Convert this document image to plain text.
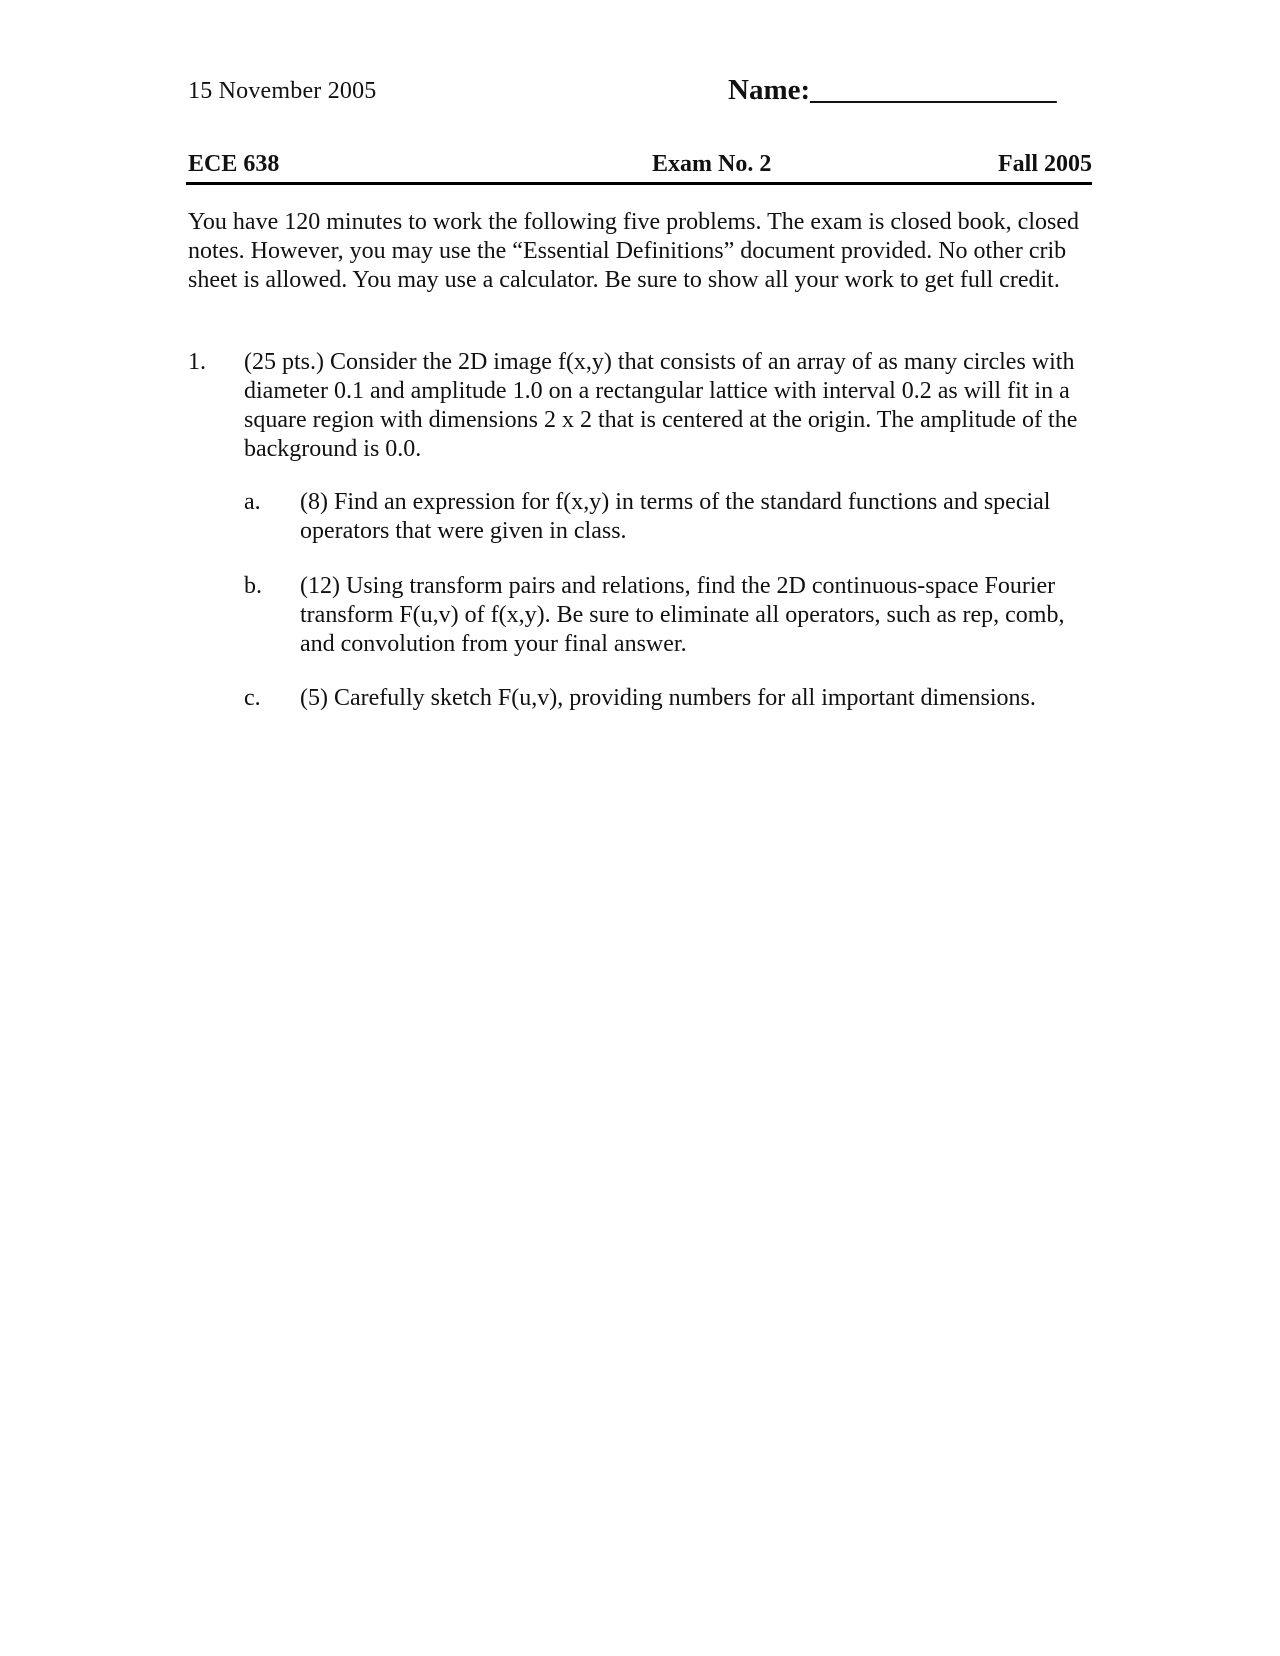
15 November 2005	Name:_________________
ECE 638	Exam No. 2	Fall 2005
You have 120 minutes to work the following five problems. The exam is closed book, closed notes. However, you may use the “Essential Definitions” document provided. No other crib sheet is allowed. You may use a calculator. Be sure to show all your work to get full credit.
1. (25 pts.) Consider the 2D image f(x,y) that consists of an array of as many circles with diameter 0.1 and amplitude 1.0 on a rectangular lattice with interval 0.2 as will fit in a square region with dimensions 2 x 2 that is centered at the origin. The amplitude of the background is 0.0.
a. (8) Find an expression for f(x,y) in terms of the standard functions and special operators that were given in class.
b. (12) Using transform pairs and relations, find the 2D continuous-space Fourier transform F(u,v) of f(x,y). Be sure to eliminate all operators, such as rep, comb, and convolution from your final answer.
c. (5) Carefully sketch F(u,v), providing numbers for all important dimensions.
